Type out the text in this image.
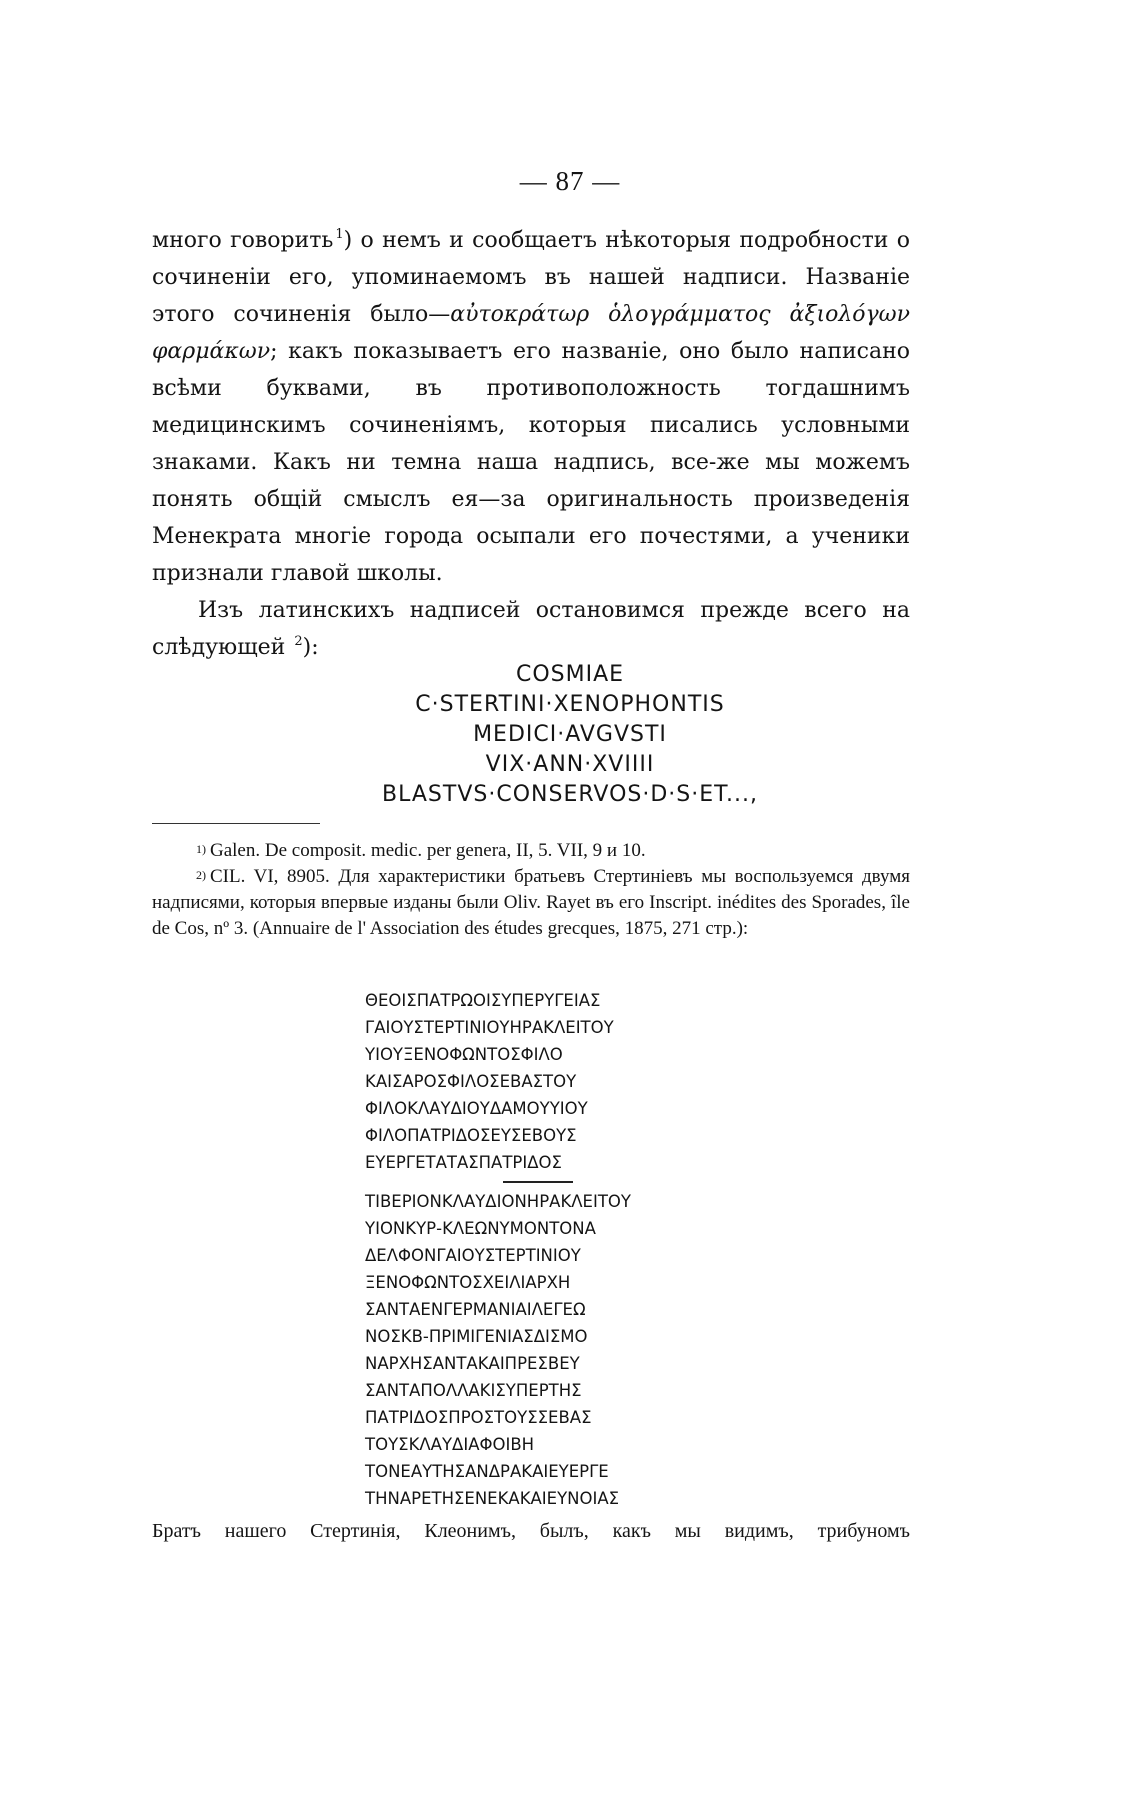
— 87 —

много говорить $^1$) о немъ и сообщаетъ нѣкоторыя подробности о сочиненіи его, упоминаемомъ въ нашей надписи. Названіе этого сочиненія было—αὐτοκράτωρ ὁλογράμματος ἀξιολόγων φαρμάκων; какъ показываетъ его названіе, оно было написано всѣми буквами, въ противоположность тогдашнимъ медицинскимъ сочиненіямъ, которыя писались условными знаками. Какъ ни темна наша надпись, все-же мы можемъ понять общій смыслъ ея—за оригинальность произведенія Менекрата многіе города осыпали его почестями, а ученики признали главой школы.

Изъ латинскихъ надписей остановимся прежде всего на слѣдующей $^2$):

COSMIAE
C·STERTINI·XENOPHONTIS
MEDICI·AVGVSTI
VIX·ANN·XVIIII
BLASTVS·CONSERVOS·D·S·ET...,

$^{1)}$ Galen. De composit. medic. per genera, II, 5. VII, 9 и 10.

$^{2)}$ CIL. VI, 8905. Для характеристики братьевъ Стертиніевъ мы воспользуемся двумя надписями, которыя впервые изданы были Oliv. Rayet въ его Inscript. inédites des Sporades, île de Cos, nº 3. (Annuaire de l' Association des études grecques, 1875, 271 стр.):

ΘΕΟΙΣΠΑΤΡΩΟΙΣΥΠΕΡΥΓΕΙΑΣ
ΓΑΙΟΥΣΤΕΡΤΙΝΙΟΥΗΡΑΚΛΕΙΤΟΥ
ΥΙΟΥΞΕΝΟΦΩΝΤΟΣΦΙΛΟ
ΚΑΙΣΑΡΟΣΦΙΛΟΣΕΒΑΣΤΟΥ
ΦΙΛΟΚΛΑΥΔΙΟΥΔΑΜΟΥΥΙΟΥ
ΦΙΛΟΠΑΤΡΙΔΟΣΕΥΣΕΒΟΥΣ
ΕΥΕΡΓΕΤΑΤΑΣΠΑΤΡΙΔΟΣ
ΤΙΒΕΡΙΟΝΚΛΑΥΔΙΟΝΗΡΑΚΛΕΙΤΟΥ
ΥΙΟΝΚΥΡ-ΚΛΕΩΝΥΜΟΝΤΟΝΑ
ΔΕΛΦΟΝΓΑΙΟΥΣΤΕΡΤΙΝΙΟΥ
ΞΕΝΟΦΩΝΤΟΣΧΕΙΛΙΑΡΧΗ
ΣΑΝΤΑΕΝΓΕΡΜΑΝΙΑΙΛΕΓΕΩ
ΝΟΣΚΒ-ΠΡΙΜΙΓΕΝΙΑΣΔΙΣΜΟ
ΝΑΡΧΗΣΑΝΤΑΚΑΙΠΡΕΣΒΕΥ
ΣΑΝΤΑΠΟΛΛΑΚΙΣΥΠΕΡΤΗΣ
ΠΑΤΡΙΔΟΣΠΡΟΣΤΟΥΣΣΕΒΑΣ
ΤΟΥΣΚΛΑΥΔΙΑΦΟΙΒΗ
ΤΟΝΕΑΥΤΗΣΑΝΔΡΑΚΑΙΕΥΕΡΓΕ
ΤΗΝΑΡΕΤΗΣΕΝΕΚΑΚΑΙΕΥΝΟΙΑΣ
Братъ нашего Стертинія, Клеонимъ, былъ, какъ мы видимъ, трибуномъ
